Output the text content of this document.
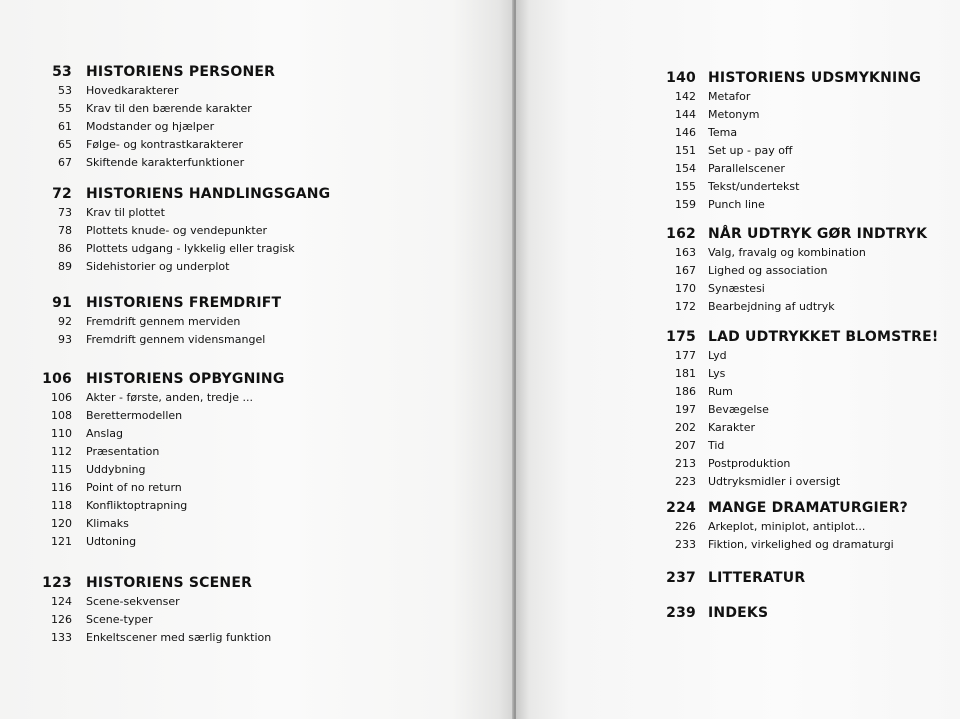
53 HISTORIENS PERSONER
53 Hovedkarakterer
55 Krav til den bærende karakter
61 Modstander og hjælper
65 Følge- og kontrastkarakterer
67 Skiftende karakterfunktioner
72 HISTORIENS HANDLINGSGANG
73 Krav til plottet
78 Plottets knude- og vendepunkter
86 Plottets udgang - lykkelig eller tragisk
89 Sidehistorier og underplot
91 HISTORIENS FREMDRIFT
92 Fremdrift gennem merviden
93 Fremdrift gennem vidensmangel
106 HISTORIENS OPBYGNING
106 Akter - første, anden, tredje ...
108 Berettermodellen
110 Anslag
112 Præsentation
115 Uddybning
116 Point of no return
118 Konfliktoptrapning
120 Klimaks
121 Udtoning
123 HISTORIENS SCENER
124 Scene-sekvenser
126 Scene-typer
133 Enkeltscener med særlig funktion
140 HISTORIENS UDSMYKNING
142 Metafor
144 Metonym
146 Tema
151 Set up - pay off
154 Parallelscener
155 Tekst/undertekst
159 Punch line
162 NÅR UDTRYK GØR INDTRYK
163 Valg, fravalg og kombination
167 Lighed og association
170 Synæstesi
172 Bearbejdning af udtryk
175 LAD UDTRYKKET BLOMSTRE!
177 Lyd
181 Lys
186 Rum
197 Bevægelse
202 Karakter
207 Tid
213 Postproduktion
223 Udtryksmidler i oversigt
224 MANGE DRAMATURGIER?
226 Arkeplot, miniplot, antiplot...
233 Fiktion, virkelighed og dramaturgi
237 LITTERATUR
239 INDEKS
